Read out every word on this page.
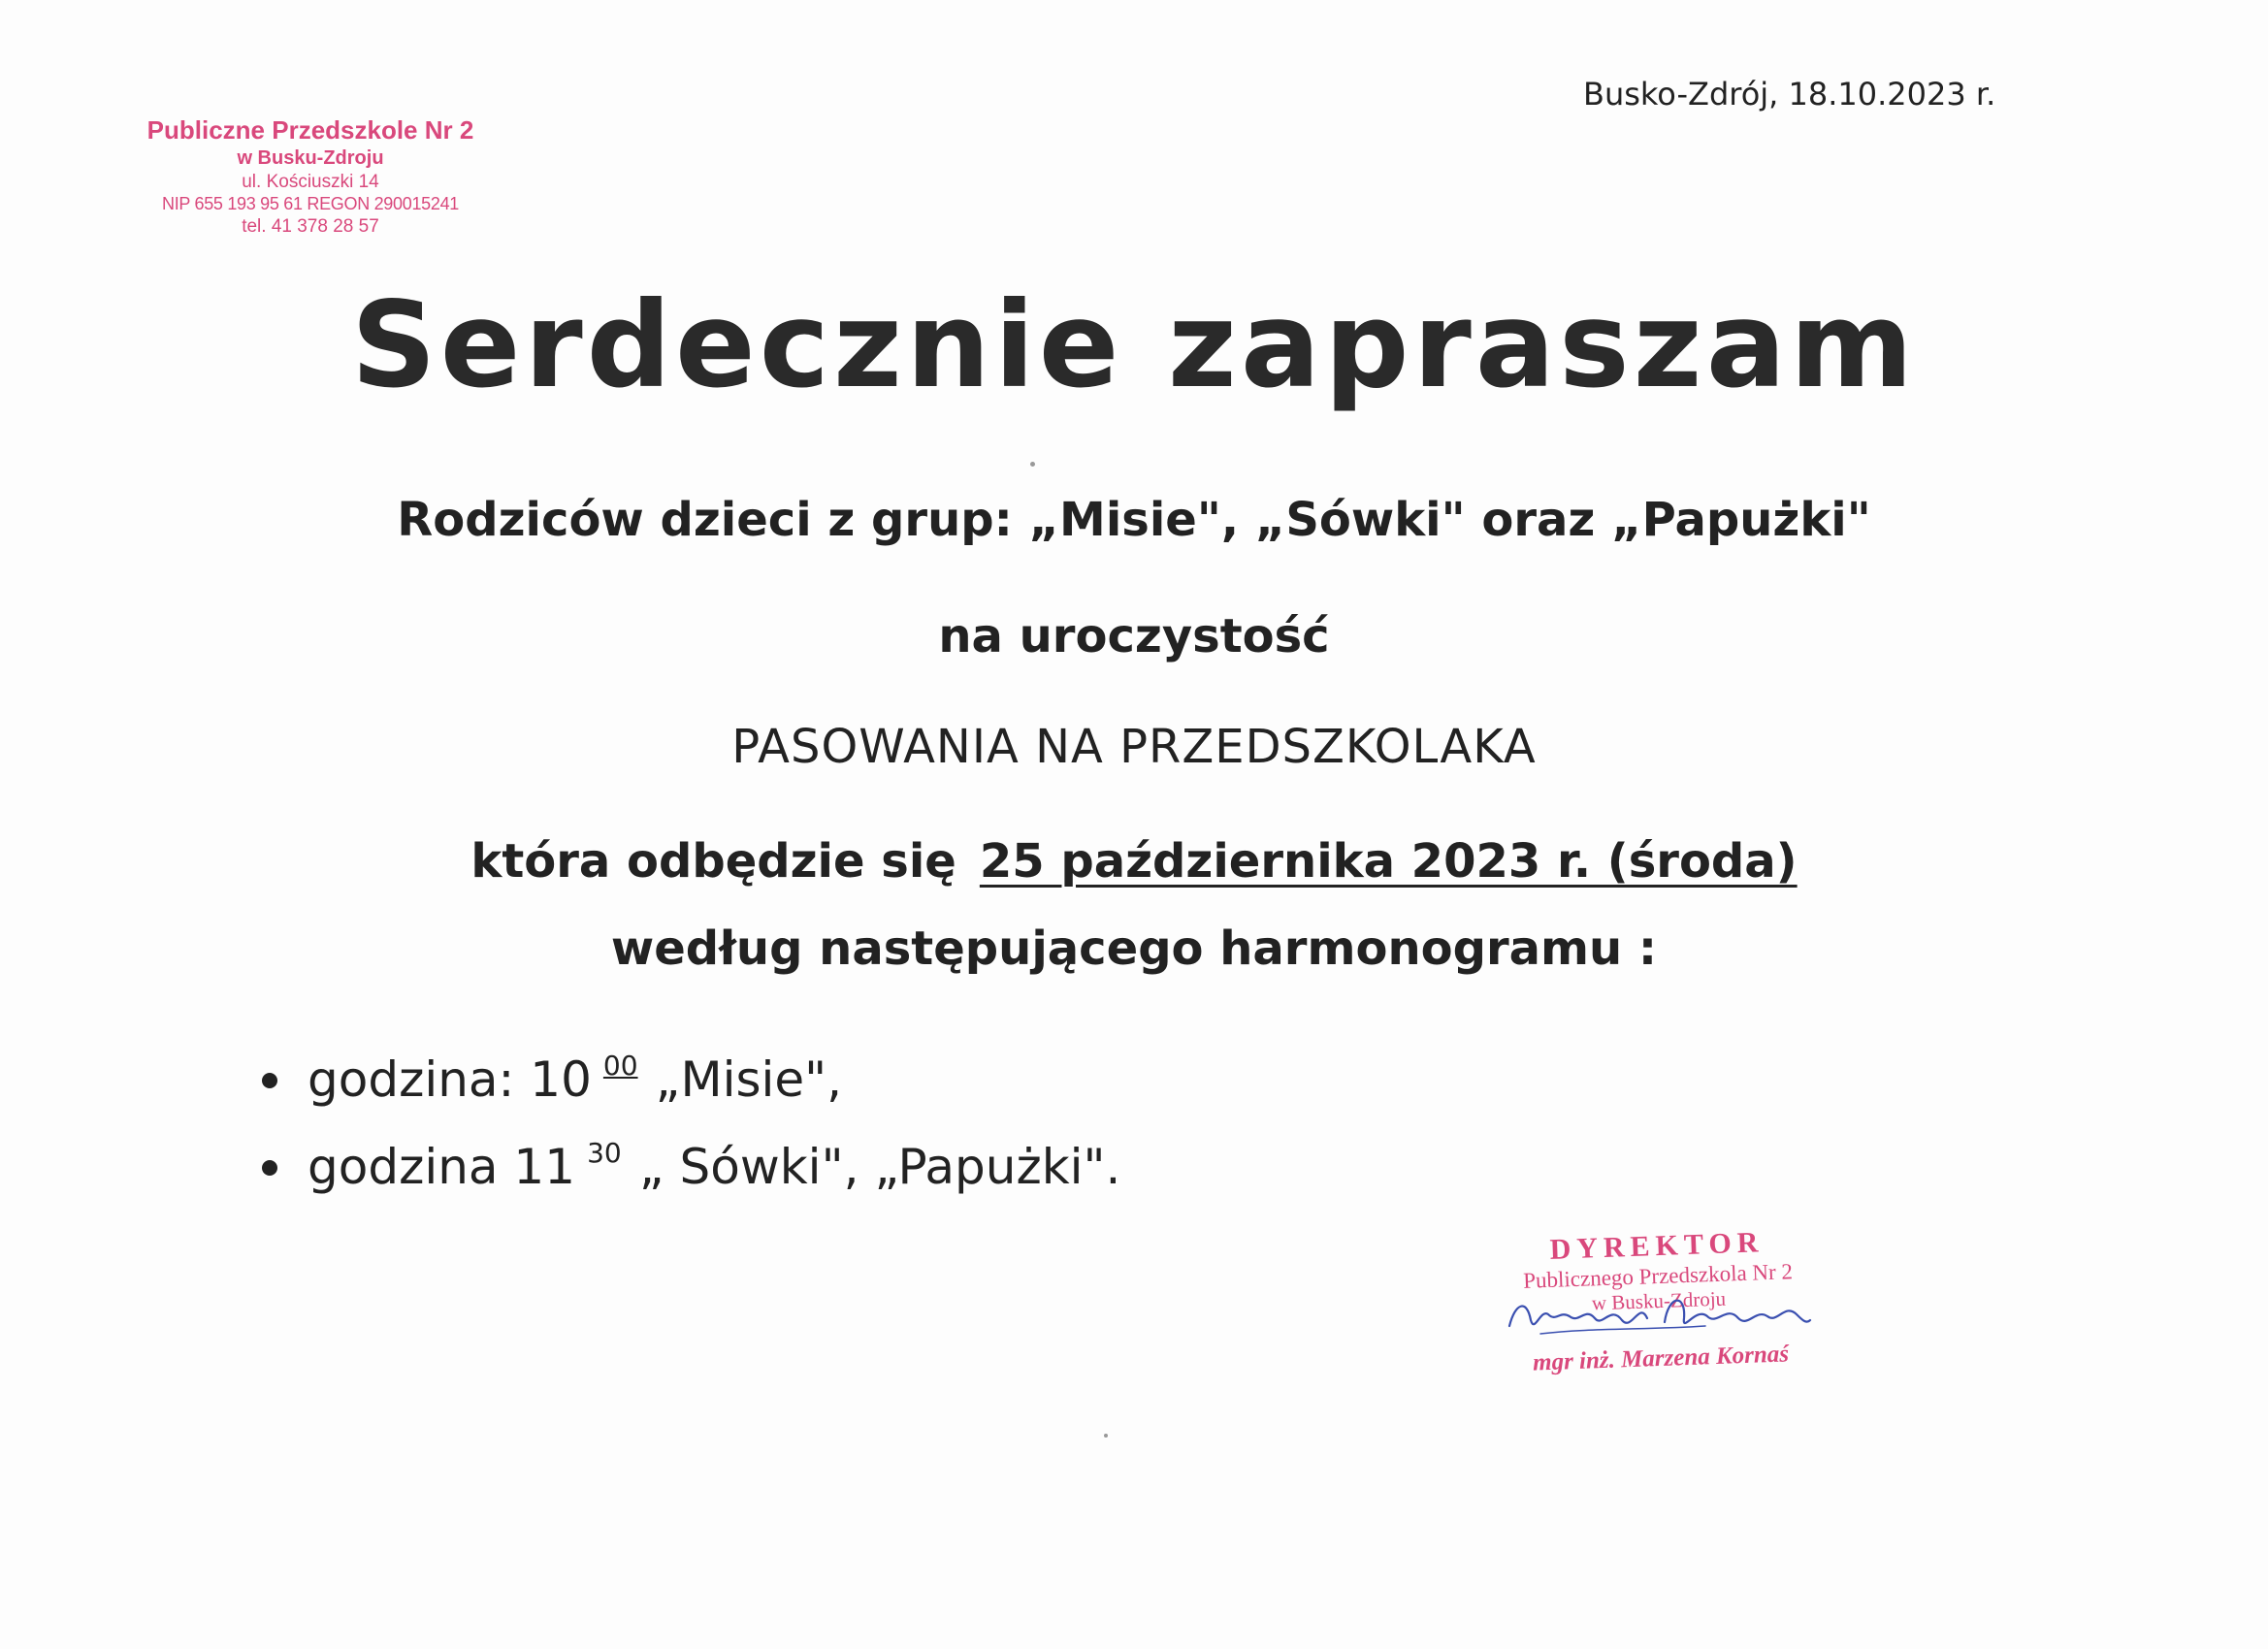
Publiczne Przedszkole Nr 2
w Busku-Zdroju
ul. Kościuszki 14
NIP 655 193 95 61 REGON 290015241
tel. 41 378 28 57
Busko-Zdrój, 18.10.2023 r.
Serdecznie zapraszam
Rodziców dzieci z grup: „Misie", „Sówki" oraz „Papużki"
na uroczystość
PASOWANIA NA PRZEDSZKOLAKA
która odbędzie się 25 października 2023 r. (środa)
według następującego harmonogramu :
godzina: 10 $^{00}$ „Misie",
godzina 11 $^{30}$ „ Sówki", „Papużki".
DYREKTOR
Publicznego Przedszkola Nr 2
w Busku-Zdroju
mgr inż. Marzena Kornaś
